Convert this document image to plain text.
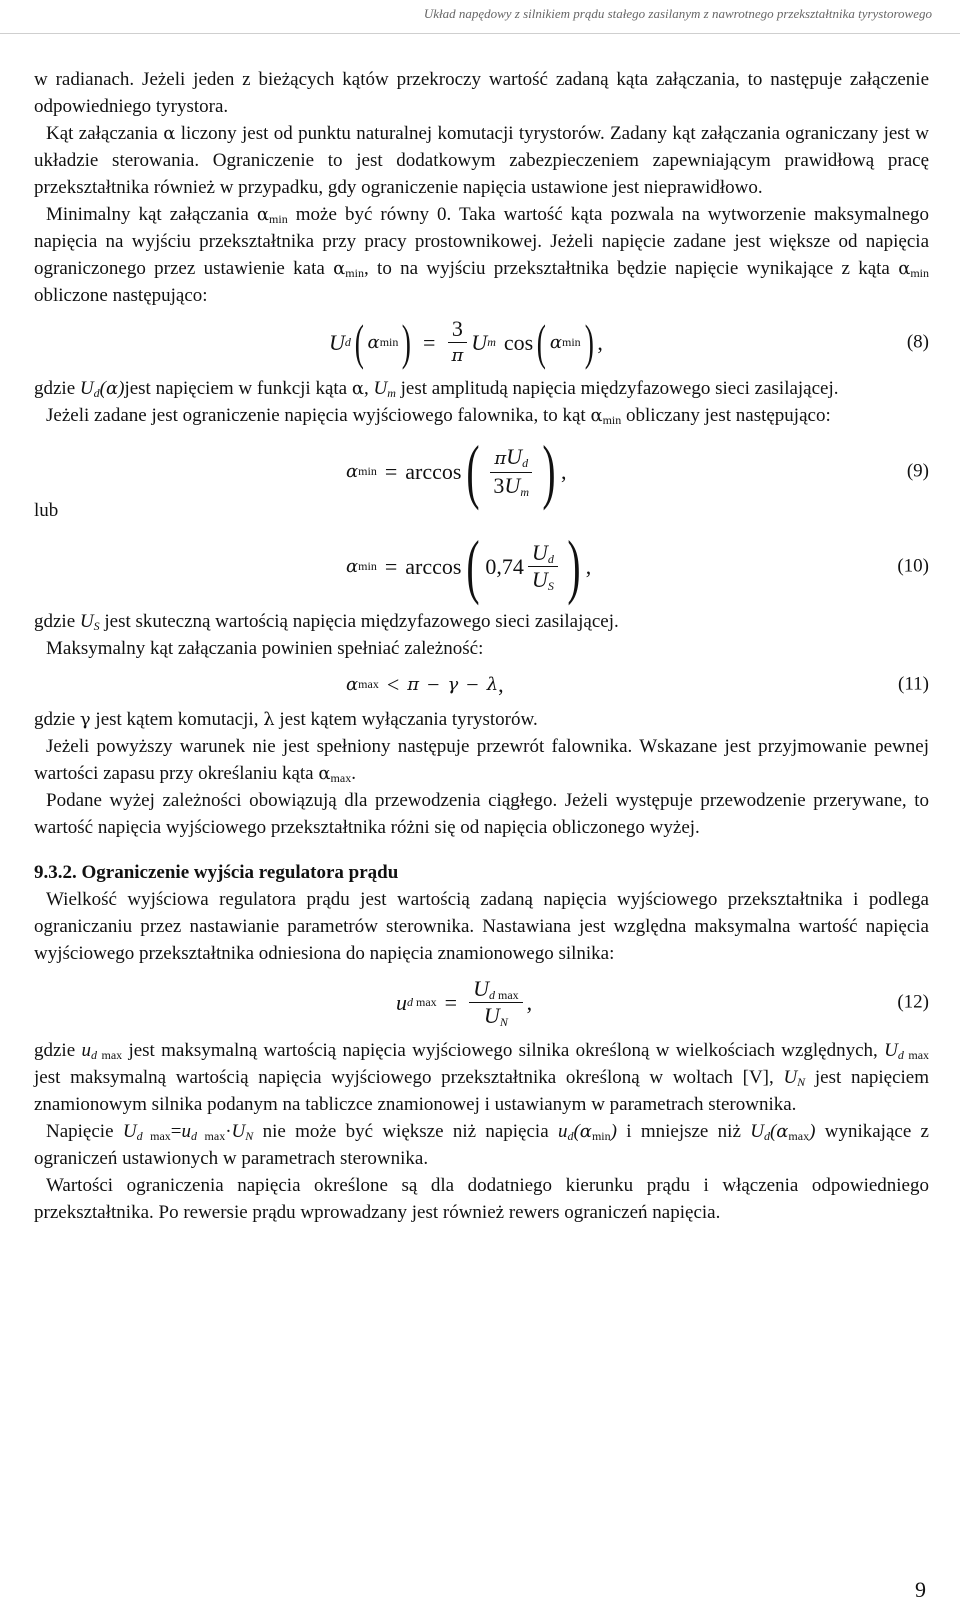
Układ napędowy z silnikiem prądu stałego zasilanym z nawrotnego przekształtnika tyrystorowego

w radianach. Jeżeli jeden z bieżących kątów przekroczy wartość zadaną kąta załączania, to następuje załączenie odpowiedniego tyrystora.

Kąt załączania α liczony jest od punktu naturalnej komutacji tyrystorów. Zadany kąt załączania ograniczany jest w układzie sterowania. Ograniczenie to jest dodatkowym zabezpieczeniem zapewniającym prawidłową pracę przekształtnika również w przypadku, gdy ograniczenie napięcia ustawione jest nieprawidłowo.

Minimalny kąt załączania $\alpha_{min}$ może być równy 0. Taka wartość kąta pozwala na wytworzenie maksymalnego napięcia na wyjściu przekształtnika przy pracy prostownikowej. Jeżeli napięcie zadane jest większe od napięcia ograniczonego przez ustawienie kata $\alpha_{min}$, to na wyjściu przekształtnika będzie napięcie wynikające z kąta $\alpha_{min}$ obliczone następująco:

U d ( α min ) = $\frac{3}{\pi}$ U m cos ( α min ) ,	(8)

gdzie $U_d(\alpha)jest$ napięciem w funkcji kąta α, $U_m$ jest amplitudą napięcia międzyfazowego sieci zasilającej.

Jeżeli zadane jest ograniczenie napięcia wyjściowego falownika, to kąt $\alpha_{min}$ obliczany jest następująco:

α min = arccos ( $\frac{\pi U_d}{3U_m}$ ) ,	(9)

lub

α min = arccos ( $0,74 \frac{U_d}{U_S}$ ) ,	(10)

gdzie $U_S$ jest skuteczną wartością napięcia międzyfazowego sieci zasilającej.

Maksymalny kąt załączania powinien spełniać zależność:

α max < π − γ − λ ,	(11)

gdzie γ jest kątem komutacji, λ jest kątem wyłączania tyrystorów.

Jeżeli powyższy warunek nie jest spełniony następuje przewrót falownika. Wskazane jest przyjmowanie pewnej wartości zapasu przy określaniu kąta $\alpha_{max}$.

Podane wyżej zależności obowiązują dla przewodzenia ciągłego. Jeżeli występuje przewodzenie przerywane, to wartość napięcia wyjściowego przekształtnika różni się od napięcia obliczonego wyżej.

9.3.2. Ograniczenie wyjścia regulatora prądu

Wielkość wyjściowa regulatora prądu jest wartością zadaną napięcia wyjściowego przekształtnika i podlega ograniczaniu przez nastawianie parametrów sterownika. Nastawiana jest względna maksymalna wartość napięcia wyjściowego przekształtnika odniesiona do napięcia znamionowego silnika:

u d $\max = \frac{U_{d max}}{U_N}$ ,	(12)

gdzie $u_{d max}$ jest maksymalną wartością napięcia wyjściowego silnika określoną w wielkościach względnych, $U_{d max}$ jest maksymalną wartością napięcia wyjściowego przekształtnika określoną w woltach [V], $U_N$ jest napięciem znamionowym silnika podanym na tabliczce znamionowej i ustawianym w parametrach sterownika.

Napięcie $U_{d max}=u_{d max}\cdot U_N$ nie może być większe niż napięcia $u_d(\alpha_{min})$ i mniejsze niż $U_d(\alpha_{max})$ wynikające z ograniczeń ustawionych w parametrach sterownika.

Wartości ograniczenia napięcia określone są dla dodatniego kierunku prądu i włączenia odpowiedniego przekształtnika. Po rewersie prądu wprowadzany jest również rewers ograniczeń napięcia.

9
